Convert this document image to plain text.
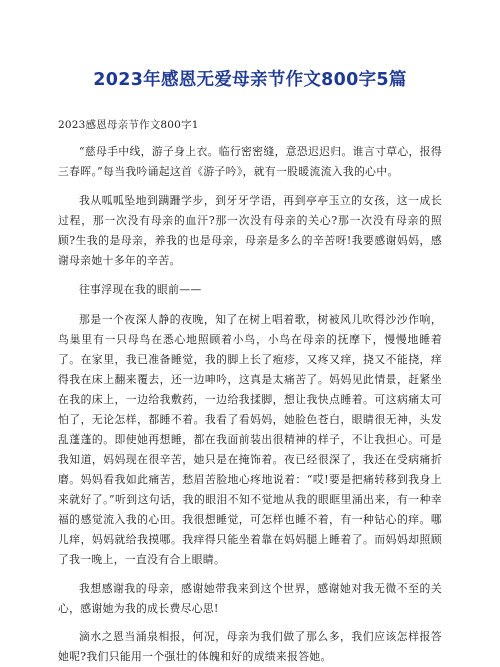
2023年感恩无爱母亲节作文800字5篇
2023感恩母亲节作文800字1

“慈母手中线，游子身上衣。临行密密缝，意恐迟迟归。谁言寸草心，报得三春晖。”每当我吟诵起这首《游子吟》，就有一股暖流流入我的心中。

我从呱呱坠地到蹒跚学步，到牙牙学语，再到亭亭玉立的女孩，这一成长过程，那一次没有母亲的血汗?那一次没有母亲的关心?那一次没有母亲的照顾?生我的是母亲，养我的也是母亲，母亲是多么的辛苦呀!我要感谢妈妈，感谢母亲她十多年的辛苦。

往事浮现在我的眼前——

那是一个夜深人静的夜晚，知了在树上唱着歌，树被风儿吹得沙沙作响，鸟巢里有一只母鸟在悉心地照顾着小鸟，小鸟在母亲的抚摩下，慢慢地睡着了。在家里，我已准备睡觉，我的脚上长了疱疹，又疼又痒，挠又不能挠，痒得我在床上翻来覆去，还一边呻吟，这真是太痛苦了。妈妈见此情景，赶紧坐在我的床上，一边给我敷药，一边给我揉脚，想让我快点睡着。可这病痛太可怕了，无论怎样，都睡不着。我看了看妈妈，她脸色苍白，眼睛很无神，头发乱蓬蓬的。即使她再想睡，都在我面前装出很精神的样子，不让我担心。可是我知道，妈妈现在很辛苦，她只是在掩饰着。夜已经很深了，我还在受病痛折磨。妈妈看我如此痛苦，愁眉苦脸地心疼地说着：“哎!要是把痛转移到我身上来就好了。”听到这句话，我的眼泪不知不觉地从我的眼眶里涌出来，有一种幸福的感觉流入我的心田。我很想睡觉，可怎样也睡不着，有一种钻心的痒。哪儿痒，妈妈就给我摸哪。我痒得只能坐着靠在妈妈腿上睡着了。而妈妈却照顾了我一晚上，一直没有合上眼睛。

我想感谢我的母亲，感谢她带我来到这个世界，感谢她对我无微不至的关心，感谢她为我的成长费尽心思!

滴水之恩当涌泉相报，何况，母亲为我们做了那么多，我们应该怎样报答她呢?我们只能用一个强壮的体魄和好的成绩来报答她。
